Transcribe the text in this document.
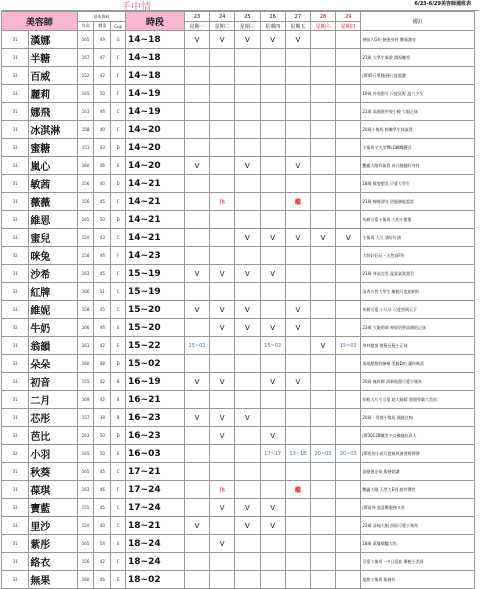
手中情	6/23-6/29美容師週班表
美容師		基本資料			時段	23	24	25	26	27	28	29	備註
		身高	體重	Cup		星期一	星期二	星期三	星期四	星期五	星期六	星期日	
31	漢娜	165	49	G	14~18	V	V	V	V	V			神級大G奶 臉蛋身材 數量激亮
31	半糖	167	47	C	14~18								23歲 大學生畢業 溝視聽秀
31	百威	152	42	F	14~18								J罩45斤單J服務尺度超讚
31	麗莉	165	50	F	14~19								19歲 外表甜可 尺度狂野 溫穴少女
31	娜飛	163	46	C	14~19								21歲 高顏值外貌小模 大眼正妹
31	冰淇淋	158	40	C	14~20								20歲小隻馬 粉嫩學生妹氣質
31	蜜糖	151	43	D	14~20								小隻馬又大美臀LG蝴蝶寶貝
31	嵐心	160	46	E	14~20	V		V		V			艷麗大眼有氣質 前凸後翹好身材
31	敏茜	156	40	D	14~21								18歲 樣貌甜美 可愛大學生
31	薇薇	156	45	C	14~21		休			檔			21歲 線條漂亮 奶服務能說話
31	維思	165	50	D	14~21								年齡可愛小隻馬 大奶小甜甜
31	蜜兒	150	43	C	14~21			V	V	V	V	V	小隻馬 大尺 誘好好誘
32	咪兔	158	46	F	14~23								大奶好好玩・天然真F奶
31	沙希	163	45	C	15~19	V	V	V	V				21歲 身高完美 溫柔氣質甜美
31	紅牌	166	51	C	15~19								清秀白皙大學生 嫩腿尺度超刺好
31	維妮	158	45	C	15~20	V	V	V		V			年齡可愛 小尺牙 尺度頂到天下
32	牛奶	166	46	E	15~20		V	V	V	V			23歲 大眼萌萌 神級奶香高顏值正妹
31	翁韻	161	42	E	15~22	15~02			15~02		V	15~02	身材超頂 捲髮長髮小正妹
31	朵朵	160	48	D	15~02								清純甜甜的臉頰 美腿D奶 讓你喚喜
31	初音	155	42	B	16~19	V	V		V	V			20歲 無料擠 清新純甜可愛小隻馬
31	二月	169	42	B	16~21								年輕大尺寸可愛 超大眼精 甜甜學霸大美眉
31	芯彤	157	38	B	16~23	V	V	V					20歲・骨感小隻馬 顏值在線
31	芭比	163	50	D	16~23		V		V				J罩3012B纖美少女複睫紋真人
32	小羽	165	50	E	16~03				17~17	13~18	20~03	20~03	J罩級的小殺尺度極致會要喔傳傳
31	秋葵	165	45	C	17~21								高顏值正妹 服務超讚
31	葆琪	163	46	F	17~24		休			檔			艷麗大眼 天然大E奶 超有彈性
31	寶藍	155	45	C	17~24		V	V	V				J罩看身 超喜歡服務又厚
31	里沙	150	40	C	18~21	V		V	V				22歲 清純大眼 頂級可愛小隻馬
31	紫彤	165	54	E	18~24		V						18歲 萬雙嬌豔大奶
31	絡衣	156	42	C	18~24								可愛小隻馬・中日混血 療癒小美眉
31	無果	160	46	E	18~02								超甜小隻馬 服務好
